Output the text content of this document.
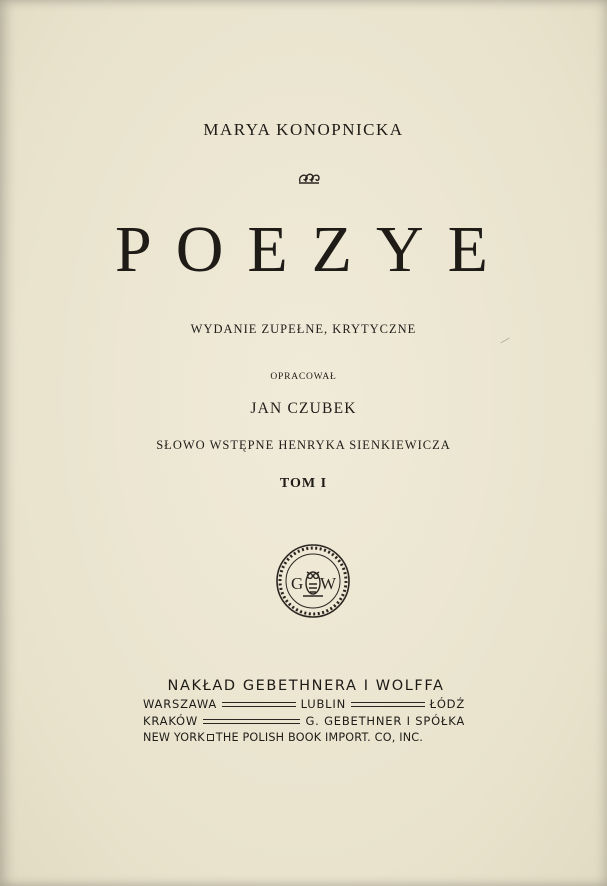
MARYA KONOPNICKA
POEZYE
WYDANIE ZUPEŁNE, KRYTYCZNE
OPRACOWAŁ
JAN CZUBEK
SŁOWO WSTĘPNE HENRYKA SIENKIEWICZA
TOM I
G W
NAKŁAD GEBETHNERA I WOLFFA
WARSZAWA	LUBLIN	ŁÓDŹ
KRAKÓW	G. GEBETHNER I SPÓŁKA
NEW YORK THE POLISH BOOK IMPORT. CO, INC.
